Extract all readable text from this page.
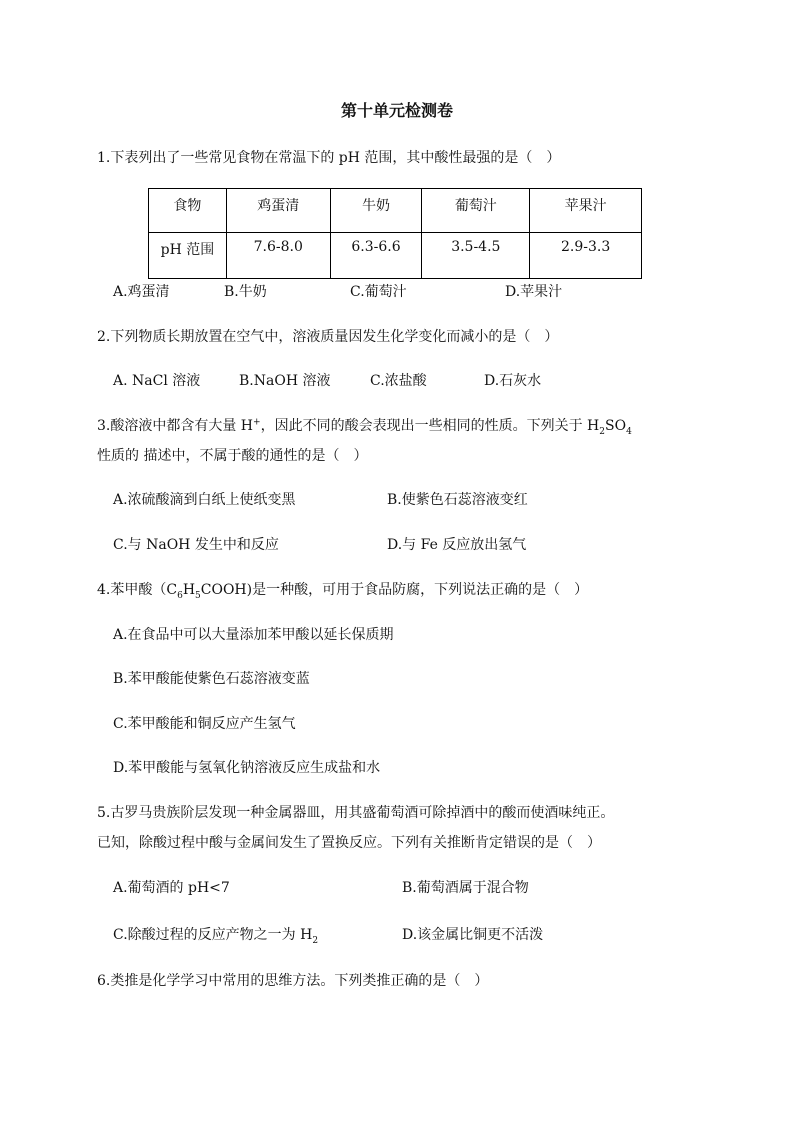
第十单元检测卷
1.下表列出了一些常见食物在常温下的 pH 范围，其中酸性最强的是（　）
食物	鸡蛋清	牛奶	葡萄汁	苹果汁
pH 范围	7.6-8.0	6.3-6.6	3.5-4.5	2.9-3.3
A.鸡蛋清	B.牛奶	C.葡萄汁	D.苹果汁
2.下列物质长期放置在空气中，溶液质量因发生化学变化而减小的是（　）
A. NaCl 溶液	B.NaOH 溶液	C.浓盐酸	D.石灰水
3.酸溶液中都含有大量 H+，因此不同的酸会表现出一些相同的性质。下列关于 $H_2SO_4$
性质的 描述中，不属于酸的通性的是（　）
A.浓硫酸滴到白纸上使纸变黑	B.使紫色石蕊溶液变红
C.与 NaOH 发生中和反应	D.与 Fe 反应放出氢气
4.苯甲酸$(C_6H_5COOH)$是一种酸，可用于食品防腐，下列说法正确的是（　）
A.在食品中可以大量添加苯甲酸以延长保质期
B.苯甲酸能使紫色石蕊溶液变蓝
C.苯甲酸能和铜反应产生氢气
D.苯甲酸能与氢氧化钠溶液反应生成盐和水
5.古罗马贵族阶层发现一种金属器皿，用其盛葡萄酒可除掉酒中的酸而使酒味纯正。
已知，除酸过程中酸与金属间发生了置换反应。下列有关推断肯定错误的是（　）
A.葡萄酒的 pH<7	B.葡萄酒属于混合物
C.除酸过程的反应产物之一为 $H_2$	D.该金属比铜更不活泼
6.类推是化学学习中常用的思维方法。下列类推正确的是（　）
